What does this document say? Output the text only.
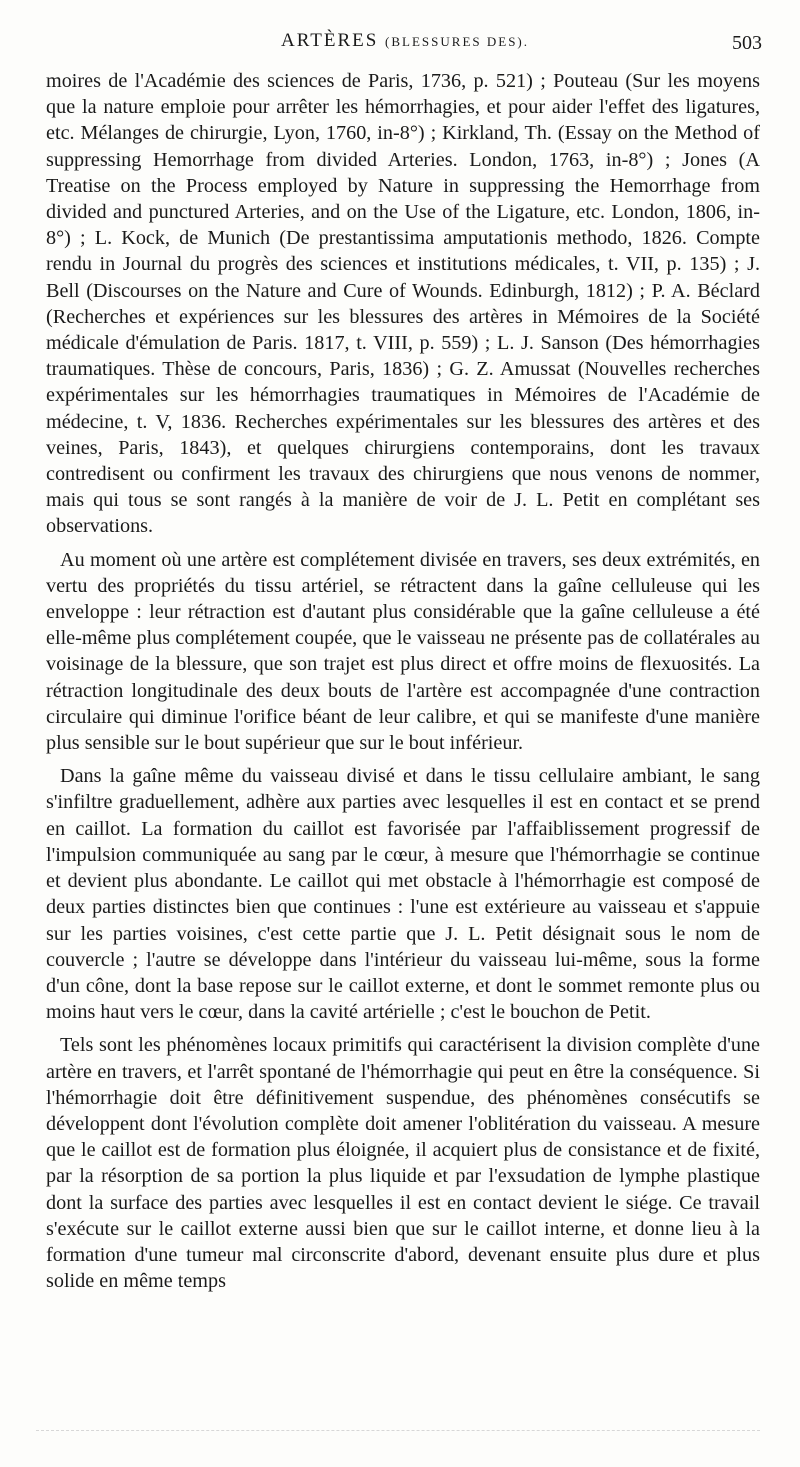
ARTÈRES (BLESSURES DES).	503

moires de l'Académie des sciences de Paris, 1736, p. 521) ; Pouteau (Sur les moyens que la nature emploie pour arrêter les hémorrhagies, et pour aider l'effet des ligatures, etc. Mélanges de chirurgie, Lyon, 1760, in-8°) ; Kirkland, Th. (Essay on the Method of suppressing Hemorrhage from divided Arteries. London, 1763, in-8°) ; Jones (A Treatise on the Process employed by Nature in suppressing the Hemorrhage from divided and punctured Arteries, and on the Use of the Ligature, etc. London, 1806, in-8°) ; L. Kock, de Munich (De prestantissima amputationis methodo, 1826. Compte rendu in Journal du progrès des sciences et institutions médicales, t. VII, p. 135) ; J. Bell (Discourses on the Nature and Cure of Wounds. Edinburgh, 1812) ; P. A. Béclard (Recherches et expériences sur les blessures des artères in Mémoires de la Société médicale d'émulation de Paris. 1817, t. VIII, p. 559) ; L. J. Sanson (Des hémorrhagies traumatiques. Thèse de concours, Paris, 1836) ; G. Z. Amussat (Nouvelles recherches expérimentales sur les hémorrhagies traumatiques in Mémoires de l'Académie de médecine, t. V, 1836. Recherches expérimentales sur les blessures des artères et des veines, Paris, 1843), et quelques chirurgiens contemporains, dont les travaux contredisent ou confirment les travaux des chirurgiens que nous venons de nommer, mais qui tous se sont rangés à la manière de voir de J. L. Petit en complétant ses observations.

Au moment où une artère est complétement divisée en travers, ses deux extrémités, en vertu des propriétés du tissu artériel, se rétractent dans la gaîne celluleuse qui les enveloppe : leur rétraction est d'autant plus considérable que la gaîne celluleuse a été elle-même plus complétement coupée, que le vaisseau ne présente pas de collatérales au voisinage de la blessure, que son trajet est plus direct et offre moins de flexuosités. La rétraction longitudinale des deux bouts de l'artère est accompagnée d'une contraction circulaire qui diminue l'orifice béant de leur calibre, et qui se manifeste d'une manière plus sensible sur le bout supérieur que sur le bout inférieur.

Dans la gaîne même du vaisseau divisé et dans le tissu cellulaire ambiant, le sang s'infiltre graduellement, adhère aux parties avec lesquelles il est en contact et se prend en caillot. La formation du caillot est favorisée par l'affaiblissement progressif de l'impulsion communiquée au sang par le cœur, à mesure que l'hémorrhagie se continue et devient plus abondante. Le caillot qui met obstacle à l'hémorrhagie est composé de deux parties distinctes bien que continues : l'une est extérieure au vaisseau et s'appuie sur les parties voisines, c'est cette partie que J. L. Petit désignait sous le nom de couvercle ; l'autre se développe dans l'intérieur du vaisseau lui-même, sous la forme d'un cône, dont la base repose sur le caillot externe, et dont le sommet remonte plus ou moins haut vers le cœur, dans la cavité artérielle ; c'est le bouchon de Petit.

Tels sont les phénomènes locaux primitifs qui caractérisent la division complète d'une artère en travers, et l'arrêt spontané de l'hémorrhagie qui peut en être la conséquence. Si l'hémorrhagie doit être définitivement suspendue, des phénomènes consécutifs se développent dont l'évolution complète doit amener l'oblitération du vaisseau. A mesure que le caillot est de formation plus éloignée, il acquiert plus de consistance et de fixité, par la résorption de sa portion la plus liquide et par l'exsudation de lymphe plastique dont la surface des parties avec lesquelles il est en contact devient le siége. Ce travail s'exécute sur le caillot externe aussi bien que sur le caillot interne, et donne lieu à la formation d'une tumeur mal circonscrite d'abord, devenant ensuite plus dure et plus solide en même temps
